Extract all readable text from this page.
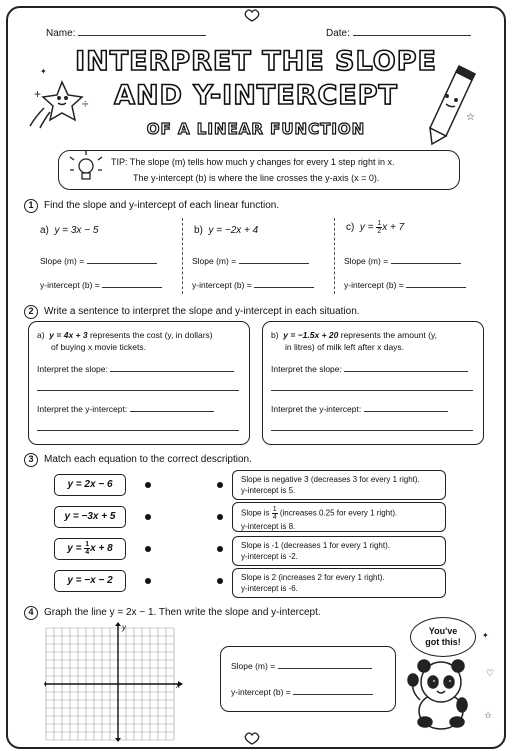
+
÷
✦
☆
♡
✦
☆
Name:	Date:
INTERPRET THE SLOPE
AND Y-INTERCEPT
OF A LINEAR FUNCTION
TIP: The slope (m) tells how much y changes for every 1 step right in x.
The y-intercept (b) is where the line crosses the y-axis (x = 0).
1	Find the slope and y-intercept of each linear function.
a) y = 3x − 5	b) y = −2x + 4	c) $y = \frac{1}{2}$ x + 7
Slope (m) =
y-intercept (b) =
Slope (m) =
y-intercept (b) =
Slope (m) =
y-intercept (b) =
2	Write a sentence to interpret the slope and y-intercept in each situation.
a) y = 4x + 3 represents the cost (y, in dollars)
of buying x movie tickets.
Interpret the slope:
Interpret the y-intercept:
b) y = −1.5x + 20 represents the amount (y,
in litres) of milk left after x days.
Interpret the slope:
Interpret the y-intercept:
3	Match each equation to the correct description.
y = 2x − 6
y = −3x + 5
$y = \frac{1}{4}$ x + 8
y = −x − 2
Slope is negative 3 (decreases 3 for every 1 right).
y-intercept is 5.
Slope is $\frac{1}{4}$ (increases 0.25 for every 1 right).
y-intercept is 8.
Slope is -1 (decreases 1 for every 1 right).
y-intercept is -2.
Slope is 2 (increases 2 for every 1 right).
y-intercept is -6.
4	Graph the line y = 2x − 1. Then write the slope and y-intercept.
x
y
Slope (m) =
y-intercept (b) =
You've
got this!
